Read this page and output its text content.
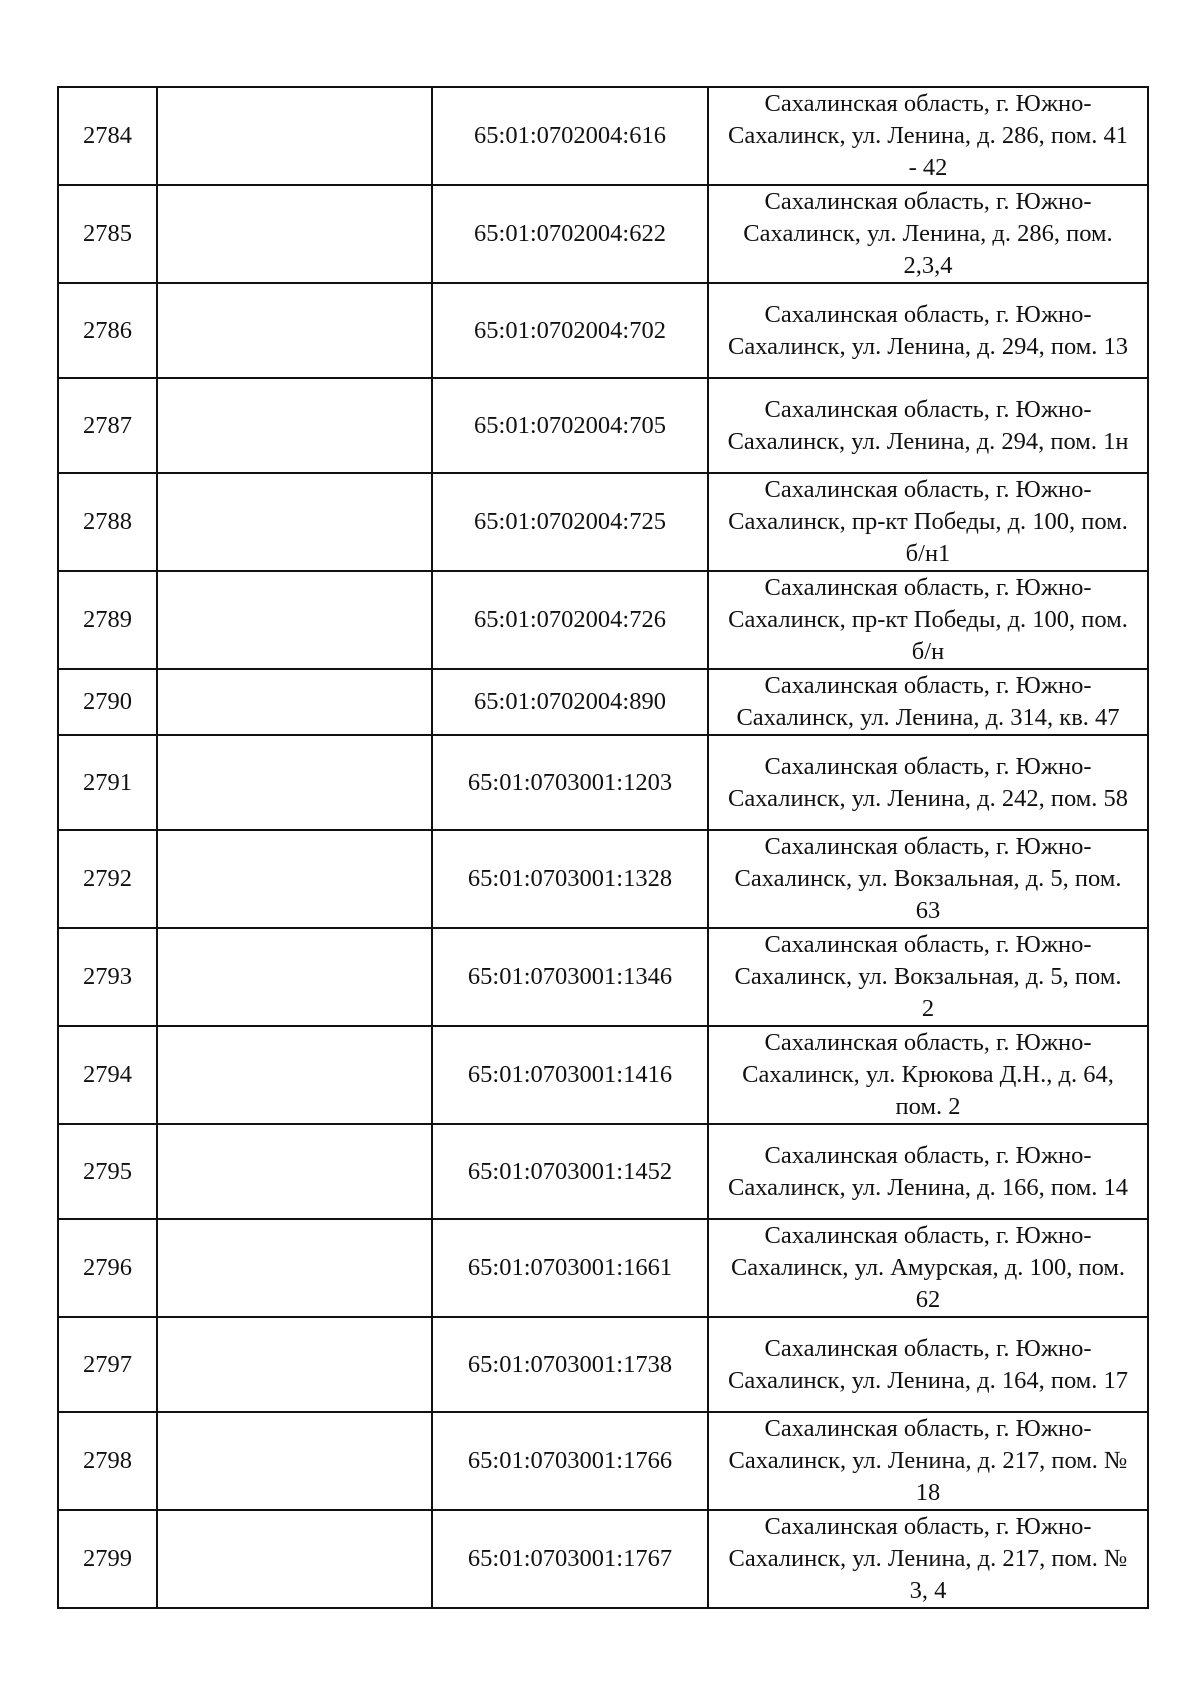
2784		65:01:0702004:616	Сахалинская область, г. Южно-
Сахалинск, ул. Ленина, д. 286, пом. 41
- 42
2785		65:01:0702004:622	Сахалинская область, г. Южно-
Сахалинск, ул. Ленина, д. 286, пом.
2,3,4
2786		65:01:0702004:702	Сахалинская область, г. Южно-
Сахалинск, ул. Ленина, д. 294, пом. 13
2787		65:01:0702004:705	Сахалинская область, г. Южно-
Сахалинск, ул. Ленина, д. 294, пом. 1н
2788		65:01:0702004:725	Сахалинская область, г. Южно-
Сахалинск, пр-кт Победы, д. 100, пом.
б/н1
2789		65:01:0702004:726	Сахалинская область, г. Южно-
Сахалинск, пр-кт Победы, д. 100, пом.
б/н
2790		65:01:0702004:890	Сахалинская область, г. Южно-
Сахалинск, ул. Ленина, д. 314, кв. 47
2791		65:01:0703001:1203	Сахалинская область, г. Южно-
Сахалинск, ул. Ленина, д. 242, пом. 58
2792		65:01:0703001:1328	Сахалинская область, г. Южно-
Сахалинск, ул. Вокзальная, д. 5, пом.
63
2793		65:01:0703001:1346	Сахалинская область, г. Южно-
Сахалинск, ул. Вокзальная, д. 5, пом.
2
2794		65:01:0703001:1416	Сахалинская область, г. Южно-
Сахалинск, ул. Крюкова Д.Н., д. 64,
пом. 2
2795		65:01:0703001:1452	Сахалинская область, г. Южно-
Сахалинск, ул. Ленина, д. 166, пом. 14
2796		65:01:0703001:1661	Сахалинская область, г. Южно-
Сахалинск, ул. Амурская, д. 100, пом.
62
2797		65:01:0703001:1738	Сахалинская область, г. Южно-
Сахалинск, ул. Ленина, д. 164, пом. 17
2798		65:01:0703001:1766	Сахалинская область, г. Южно-
Сахалинск, ул. Ленина, д. 217, пом. №
18
2799		65:01:0703001:1767	Сахалинская область, г. Южно-
Сахалинск, ул. Ленина, д. 217, пом. №
3, 4
